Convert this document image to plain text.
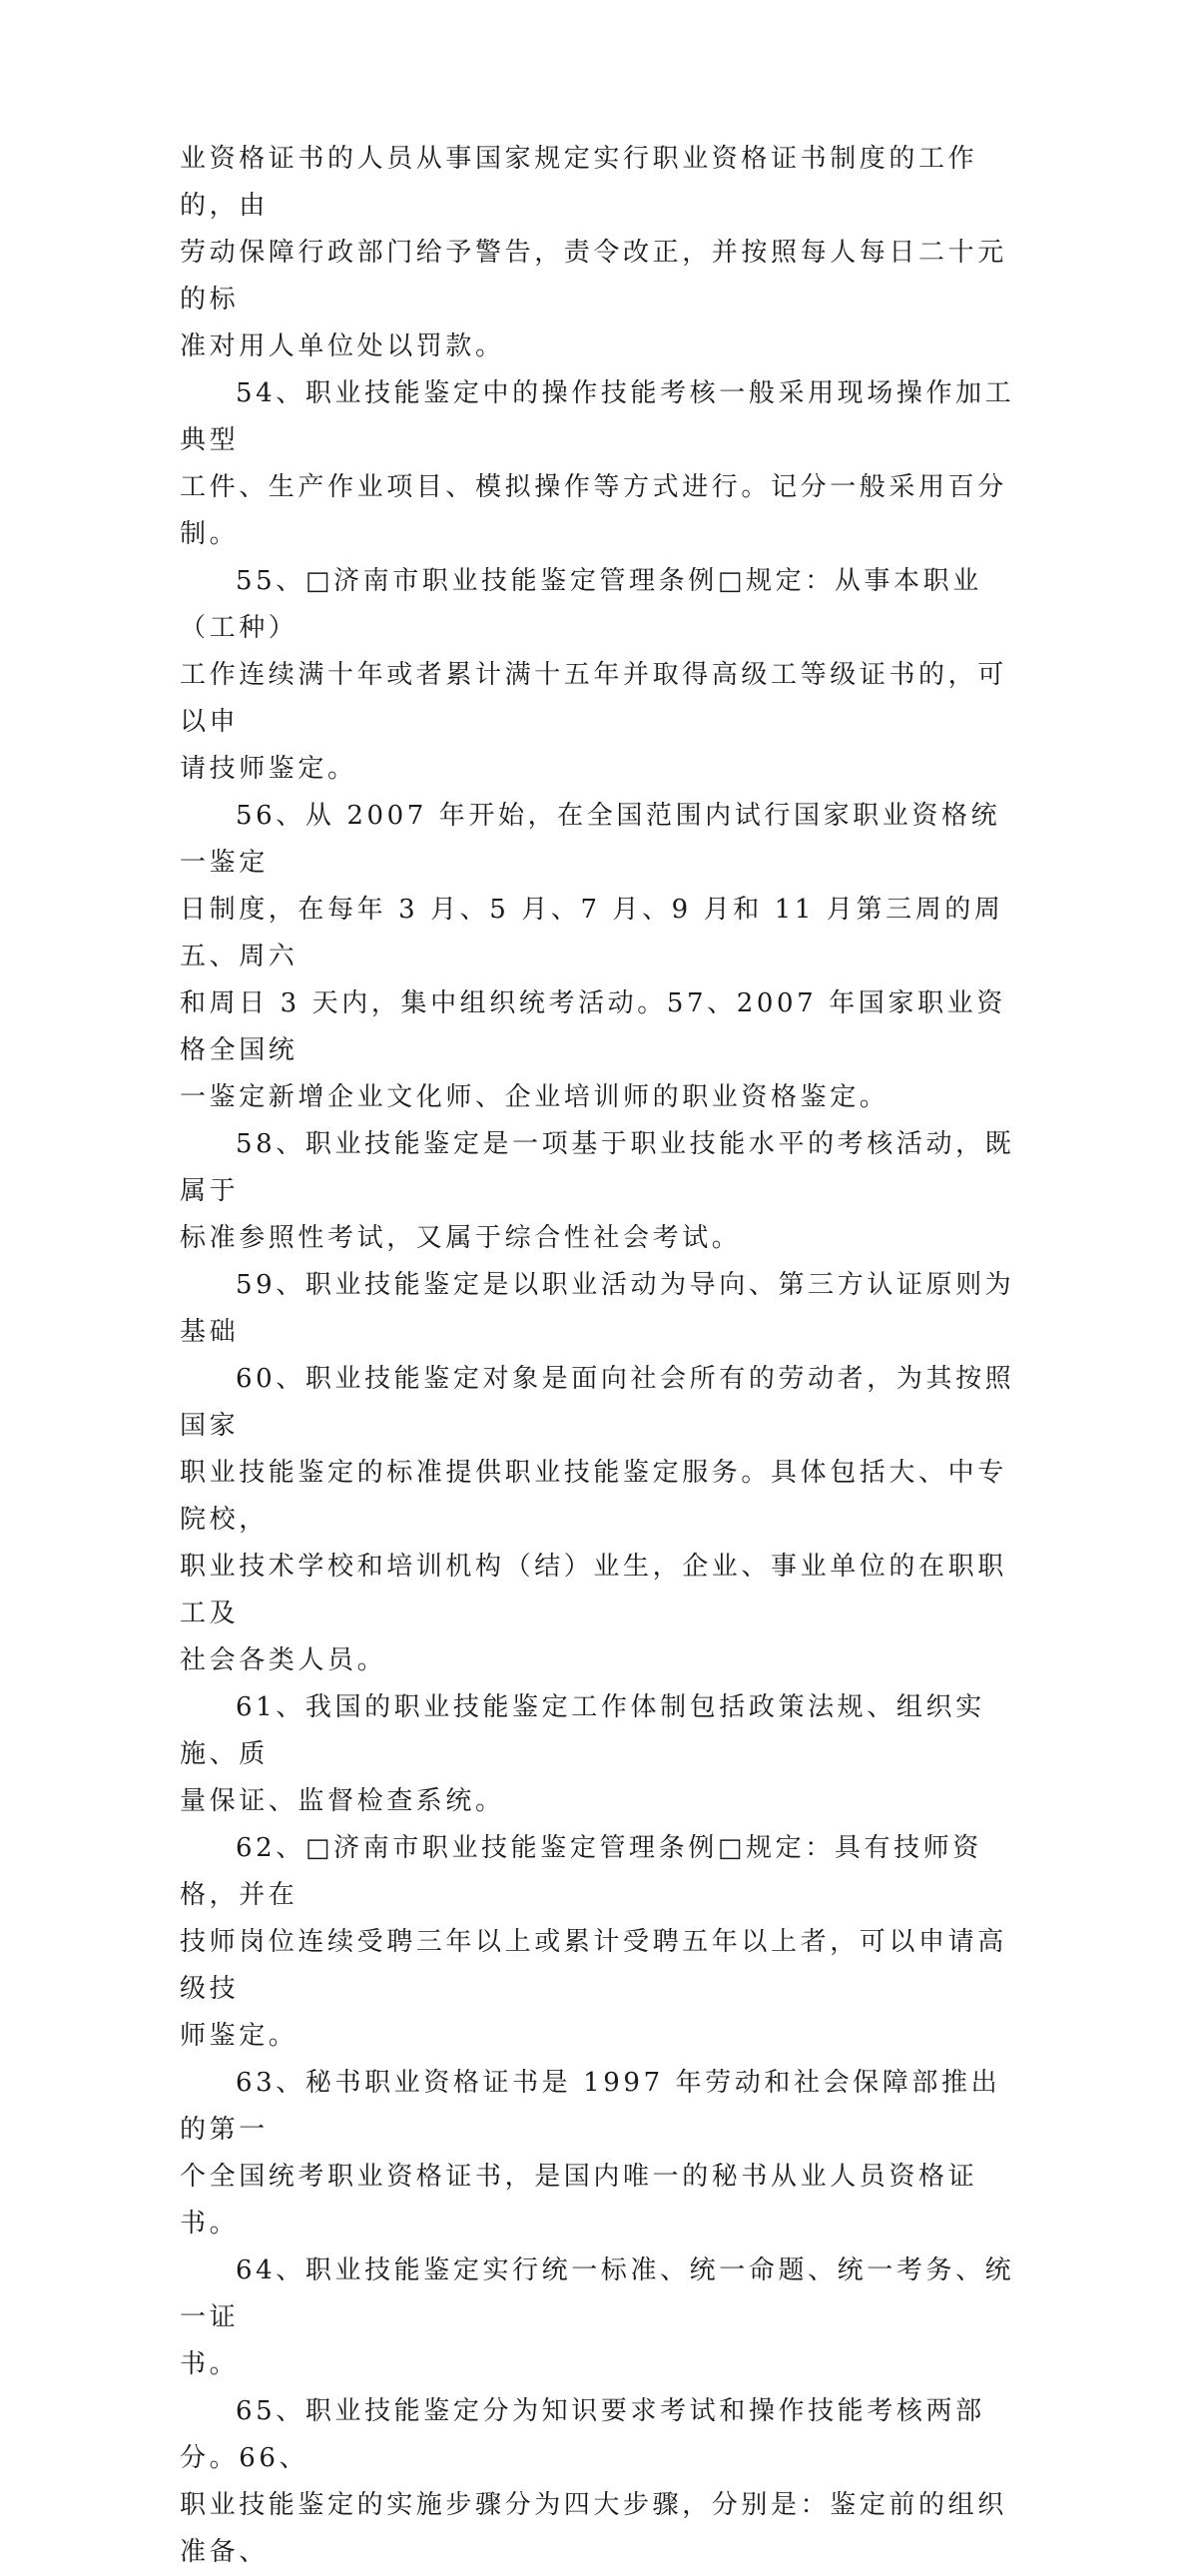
业资格证书的人员从事国家规定实行职业资格证书制度的工作的，由
劳动保障行政部门给予警告，责令改正，并按照每人每日二十元的标
准对用人单位处以罚款。

54、职业技能鉴定中的操作技能考核一般采用现场操作加工典型
工件、生产作业项目、模拟操作等方式进行。记分一般采用百分制。

55、□济南市职业技能鉴定管理条例□规定：从事本职业（工种）
工作连续满十年或者累计满十五年并取得高级工等级证书的，可以申
请技师鉴定。

56、从 2007 年开始，在全国范围内试行国家职业资格统一鉴定
日制度，在每年 3 月、5 月、7 月、9 月和 11 月第三周的周五、周六
和周日 3 天内，集中组织统考活动。57、2007 年国家职业资格全国统
一鉴定新增企业文化师、企业培训师的职业资格鉴定。

58、职业技能鉴定是一项基于职业技能水平的考核活动，既属于
标准参照性考试，又属于综合性社会考试。

59、职业技能鉴定是以职业活动为导向、第三方认证原则为基础

60、职业技能鉴定对象是面向社会所有的劳动者，为其按照国家
职业技能鉴定的标准提供职业技能鉴定服务。具体包括大、中专院校，
职业技术学校和培训机构（结）业生，企业、事业单位的在职职工及
社会各类人员。

61、我国的职业技能鉴定工作体制包括政策法规、组织实施、质
量保证、监督检查系统。

62、□济南市职业技能鉴定管理条例□规定：具有技师资格，并在
技师岗位连续受聘三年以上或累计受聘五年以上者，可以申请高级技
师鉴定。

63、秘书职业资格证书是 1997 年劳动和社会保障部推出的第一
个全国统考职业资格证书，是国内唯一的秘书从业人员资格证书。

64、职业技能鉴定实行统一标准、统一命题、统一考务、统一证
书。

65、职业技能鉴定分为知识要求考试和操作技能考核两部分。66、
职业技能鉴定的实施步骤分为四大步骤，分别是：鉴定前的组织准备、
